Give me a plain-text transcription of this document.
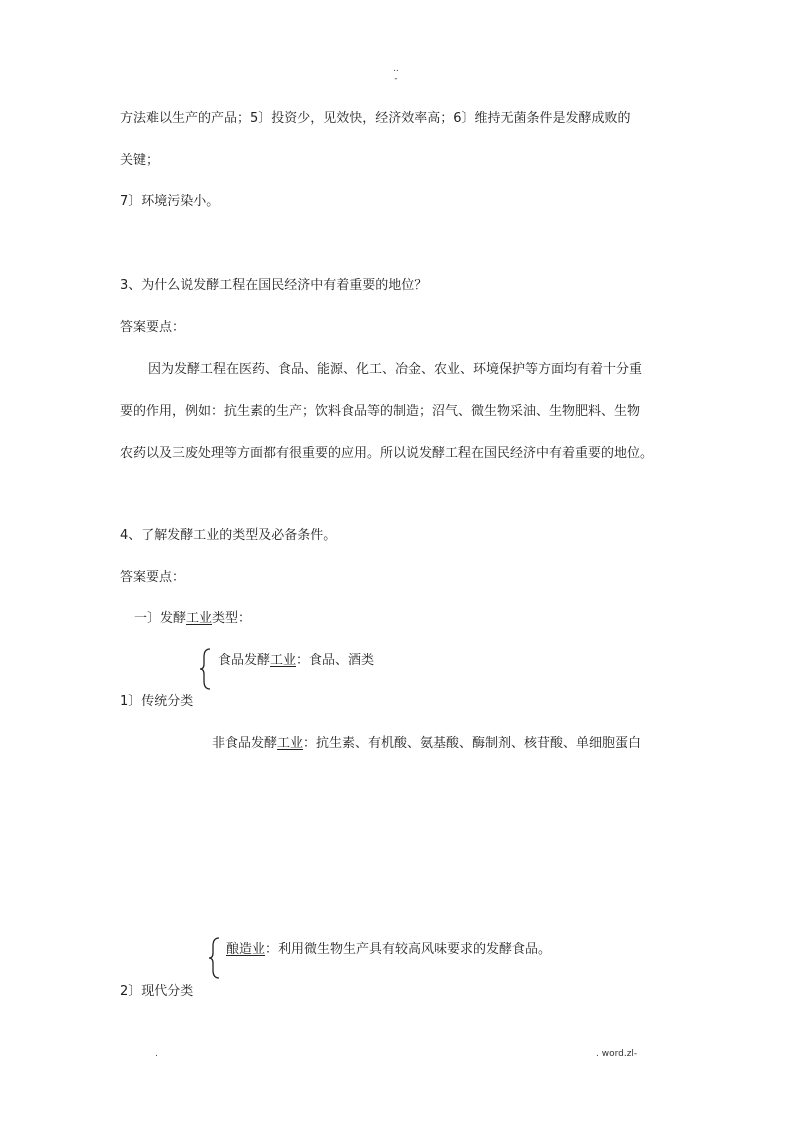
..
-
方法难以生产的产品；5〕投资少，见效快，经济效率高；6〕维持无菌条件是发酵成败的
关键；
7〕环境污染小。
3、为什么说发酵工程在国民经济中有着重要的地位？
答案要点：
因为发酵工程在医药、食品、能源、化工、冶金、农业、环境保护等方面均有着十分重
要的作用，例如：抗生素的生产；饮料食品等的制造；沼气、微生物采油、生物肥料、生物
农药以及三废处理等方面都有很重要的应用。所以说发酵工程在国民经济中有着重要的地位。
4、了解发酵工业的类型及必备条件。
答案要点：
一〕发酵工业类型：
食品发酵工业：食品、酒类
1〕传统分类
非食品发酵工业：抗生素、有机酸、氨基酸、酶制剂、核苷酸、单细胞蛋白
酿造业：利用微生物生产具有较高风味要求的发酵食品。
2〕现代分类
.	. word.zl-
